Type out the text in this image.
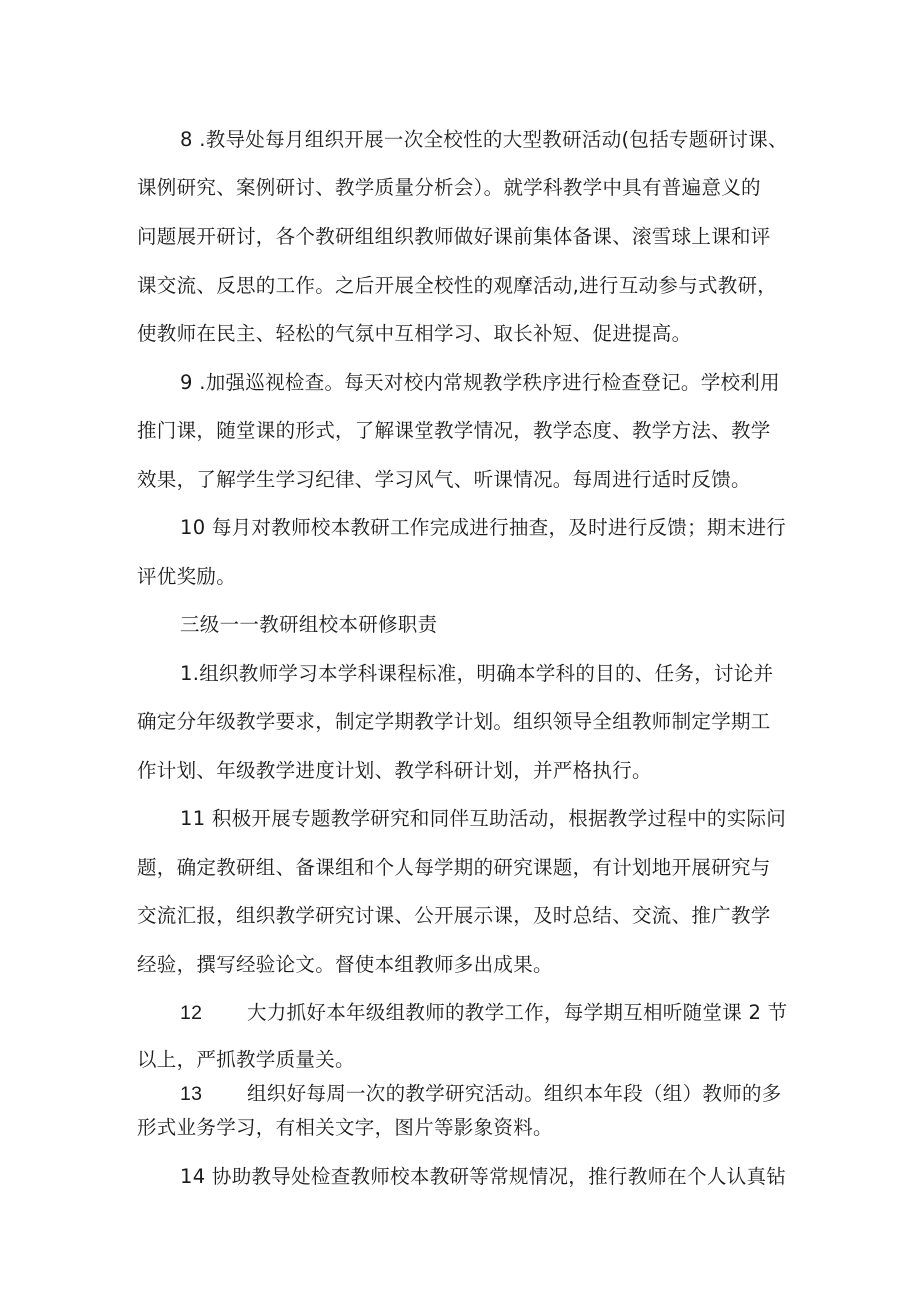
8 .教导处每月组织开展一次全校性的大型教研活动(包括专题研讨课、
课例研究、案例研讨、教学质量分析会）。就学科教学中具有普遍意义的
问题展开研讨，各个教研组组织教师做好课前集体备课、滚雪球上课和评
课交流、反思的工作。之后开展全校性的观摩活动,进行互动参与式教研，
使教师在民主、轻松的气氛中互相学习、取长补短、促进提高。
9 .加强巡视检查。每天对校内常规教学秩序进行检查登记。学校利用
推门课，随堂课的形式，了解课堂教学情况，教学态度、教学方法、教学
效果，了解学生学习纪律、学习风气、听课情况。每周进行适时反馈。
10 每月对教师校本教研工作完成进行抽查，及时进行反馈；期末进行
评优奖励。
三级一一教研组校本研修职责
1.组织教师学习本学科课程标准，明确本学科的目的、任务，讨论并
确定分年级教学要求，制定学期教学计划。组织领导全组教师制定学期工
作计划、年级教学进度计划、教学科研计划，并严格执行。
11 积极开展专题教学研究和同伴互助活动，根据教学过程中的实际问
题，确定教研组、备课组和个人每学期的研究课题，有计划地开展研究与
交流汇报，组织教学研究讨课、公开展示课，及时总结、交流、推广教学
经验，撰写经验论文。督使本组教师多出成果。
12 大力抓好本年级组教师的教学工作，每学期互相听随堂课 2 节
以上，严抓教学质量关。
13 组织好每周一次的教学研究活动。组织本年段（组）教师的多
形式业务学习，有相关文字，图片等影象资料。
14 协助教导处检查教师校本教研等常规情况，推行教师在个人认真钻
